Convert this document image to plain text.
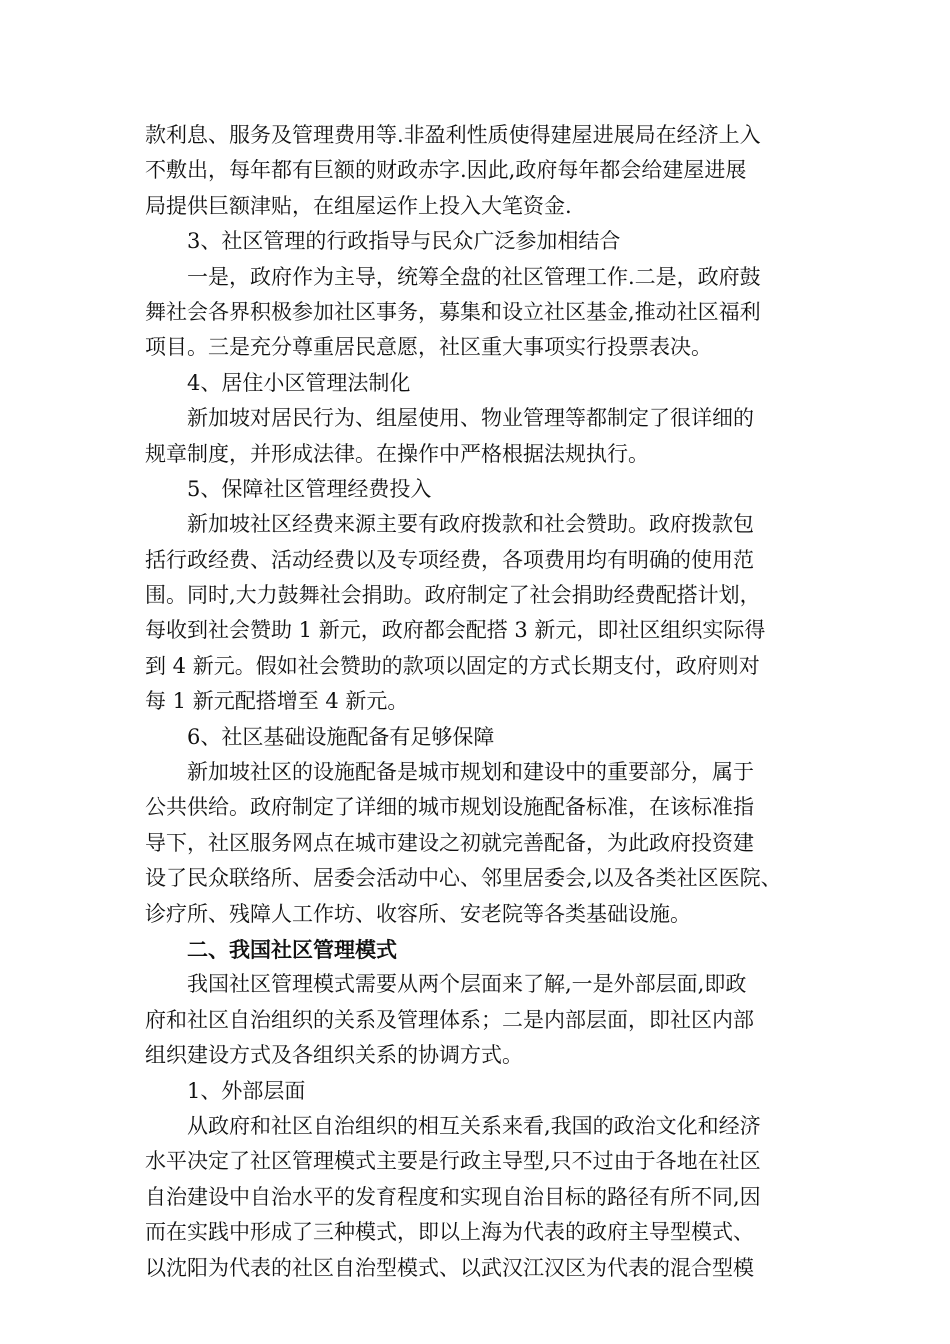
款利息、服务及管理费用等.非盈利性质使得建屋进展局在经济上入
不敷出，每年都有巨额的财政赤字.因此,政府每年都会给建屋进展
局提供巨额津贴，在组屋运作上投入大笔资金.
3、社区管理的行政指导与民众广泛参加相结合
一是，政府作为主导，统筹全盘的社区管理工作.二是，政府鼓
舞社会各界积极参加社区事务，募集和设立社区基金,推动社区福利
项目。三是充分尊重居民意愿，社区重大事项实行投票表决。
4、居住小区管理法制化
新加坡对居民行为、组屋使用、物业管理等都制定了很详细的
规章制度，并形成法律。在操作中严格根据法规执行。
5、保障社区管理经费投入
新加坡社区经费来源主要有政府拨款和社会赞助。政府拨款包
括行政经费、活动经费以及专项经费，各项费用均有明确的使用范
围。同时,大力鼓舞社会捐助。政府制定了社会捐助经费配搭计划，
每收到社会赞助 1 新元，政府都会配搭 3 新元，即社区组织实际得
到 4 新元。假如社会赞助的款项以固定的方式长期支付，政府则对
每 1 新元配搭增至 4 新元。
6、社区基础设施配备有足够保障
新加坡社区的设施配备是城市规划和建设中的重要部分，属于
公共供给。政府制定了详细的城市规划设施配备标准，在该标准指
导下，社区服务网点在城市建设之初就完善配备，为此政府投资建
设了民众联络所、居委会活动中心、邻里居委会,以及各类社区医院、
诊疗所、残障人工作坊、收容所、安老院等各类基础设施。
二、我国社区管理模式
我国社区管理模式需要从两个层面来了解,一是外部层面,即政
府和社区自治组织的关系及管理体系；二是内部层面，即社区内部
组织建设方式及各组织关系的协调方式。
1、外部层面
从政府和社区自治组织的相互关系来看,我国的政治文化和经济
水平决定了社区管理模式主要是行政主导型,只不过由于各地在社区
自治建设中自治水平的发育程度和实现自治目标的路径有所不同,因
而在实践中形成了三种模式，即以上海为代表的政府主导型模式、
以沈阳为代表的社区自治型模式、以武汉江汉区为代表的混合型模
